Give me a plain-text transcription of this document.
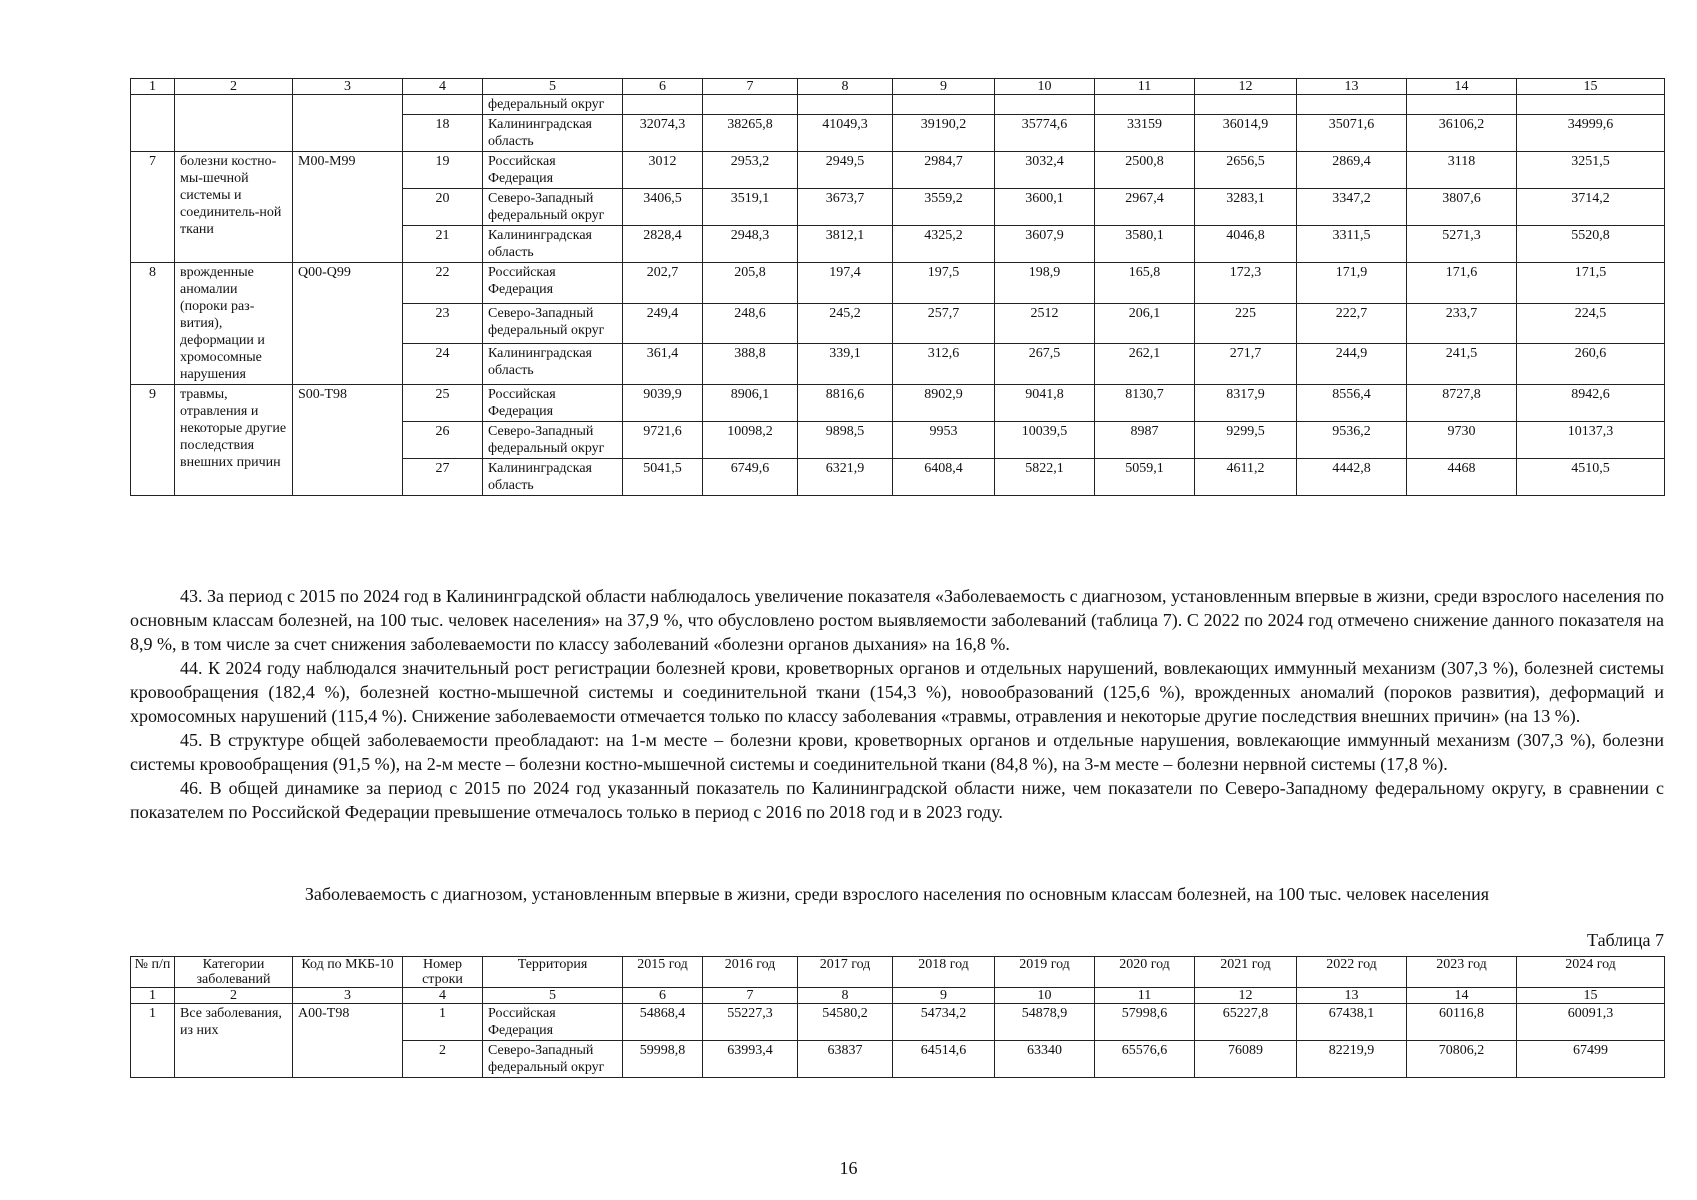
1	2	3	4	5	6	7	8	9	10	11	12	13	14	15
				федеральный округ										
			18	Калининградская область	32074,3	38265,8	41049,3	39190,2	35774,6	33159	36014,9	35071,6	36106,2	34999,6
7	болезни костно-мы-шечной системы и соединитель-ной ткани	M00-M99	19	Российская Федерация	3012	2953,2	2949,5	2984,7	3032,4	2500,8	2656,5	2869,4	3118	3251,5
			20	Северо-Западный федеральный округ	3406,5	3519,1	3673,7	3559,2	3600,1	2967,4	3283,1	3347,2	3807,6	3714,2
			21	Калининградская область	2828,4	2948,3	3812,1	4325,2	3607,9	3580,1	4046,8	3311,5	5271,3	5520,8
8	врожденные аномалии (пороки раз-вития), деформации и хромосомные нарушения	Q00-Q99	22	Российская Федерация	202,7	205,8	197,4	197,5	198,9	165,8	172,3	171,9	171,6	171,5
			23	Северо-Западный федеральный округ	249,4	248,6	245,2	257,7	2512	206,1	225	222,7	233,7	224,5
			24	Калининградская область	361,4	388,8	339,1	312,6	267,5	262,1	271,7	244,9	241,5	260,6
9	травмы, отравления и некоторые другие последствия внешних причин	S00-T98	25	Российская Федерация	9039,9	8906,1	8816,6	8902,9	9041,8	8130,7	8317,9	8556,4	8727,8	8942,6
			26	Северо-Западный федеральный округ	9721,6	10098,2	9898,5	9953	10039,5	8987	9299,5	9536,2	9730	10137,3
			27	Калининградская область	5041,5	6749,6	6321,9	6408,4	5822,1	5059,1	4611,2	4442,8	4468	4510,5

43. За период с 2015 по 2024 год в Калининградской области наблюдалось увеличение показателя «Заболеваемость с диагнозом, установленным впервые в жизни, среди взрослого населения по основным классам болезней, на 100 тыс. человек населения» на 37,9 %, что обусловлено ростом выявляемости заболеваний (таблица 7). С 2022 по 2024 год отмечено снижение данного показателя на 8,9 %, в том числе за счет снижения заболеваемости по классу заболеваний «болезни органов дыхания» на 16,8 %.

44. К 2024 году наблюдался значительный рост регистрации болезней крови, кроветворных органов и отдельных нарушений, вовлекающих иммунный механизм (307,3 %), болезней системы кровообращения (182,4 %), болезней костно-мышечной системы и соединительной ткани (154,3 %), новообразований (125,6 %), врожденных аномалий (пороков развития), деформаций и хромосомных нарушений (115,4 %). Снижение заболеваемости отмечается только по классу заболевания «травмы, отравления и некоторые другие последствия внешних причин» (на 13 %).

45. В структуре общей заболеваемости преобладают: на 1-м месте – болезни крови, кроветворных органов и отдельные нарушения, вовлекающие иммунный механизм (307,3 %), болезни системы кровообращения (91,5 %), на 2-м месте – болезни костно-мышечной системы и соединительной ткани (84,8 %), на 3-м месте – болезни нервной системы (17,8 %).

46. В общей динамике за период с 2015 по 2024 год указанный показатель по Калининградской области ниже, чем показатели по Северо-Западному федеральному округу, в сравнении с показателем по Российской Федерации превышение отмечалось только в период с 2016 по 2018 год и в 2023 году.

Заболеваемость с диагнозом, установленным впервые в жизни, среди взрослого населения по основным классам болезней, на 100 тыс. человек населения
Таблица 7
№ п/п	Категории заболеваний	Код по МКБ-10	Номер строки	Территория	2015 год	2016 год	2017 год	2018 год	2019 год	2020 год	2021 год	2022 год	2023 год	2024 год
1	2	3	4	5	6	7	8	9	10	11	12	13	14	15
1	Все заболевания, из них	A00-T98	1	Российская Федерация	54868,4	55227,3	54580,2	54734,2	54878,9	57998,6	65227,8	67438,1	60116,8	60091,3
			2	Северо-Западный федеральный округ	59998,8	63993,4	63837	64514,6	63340	65576,6	76089	82219,9	70806,2	67499
16
